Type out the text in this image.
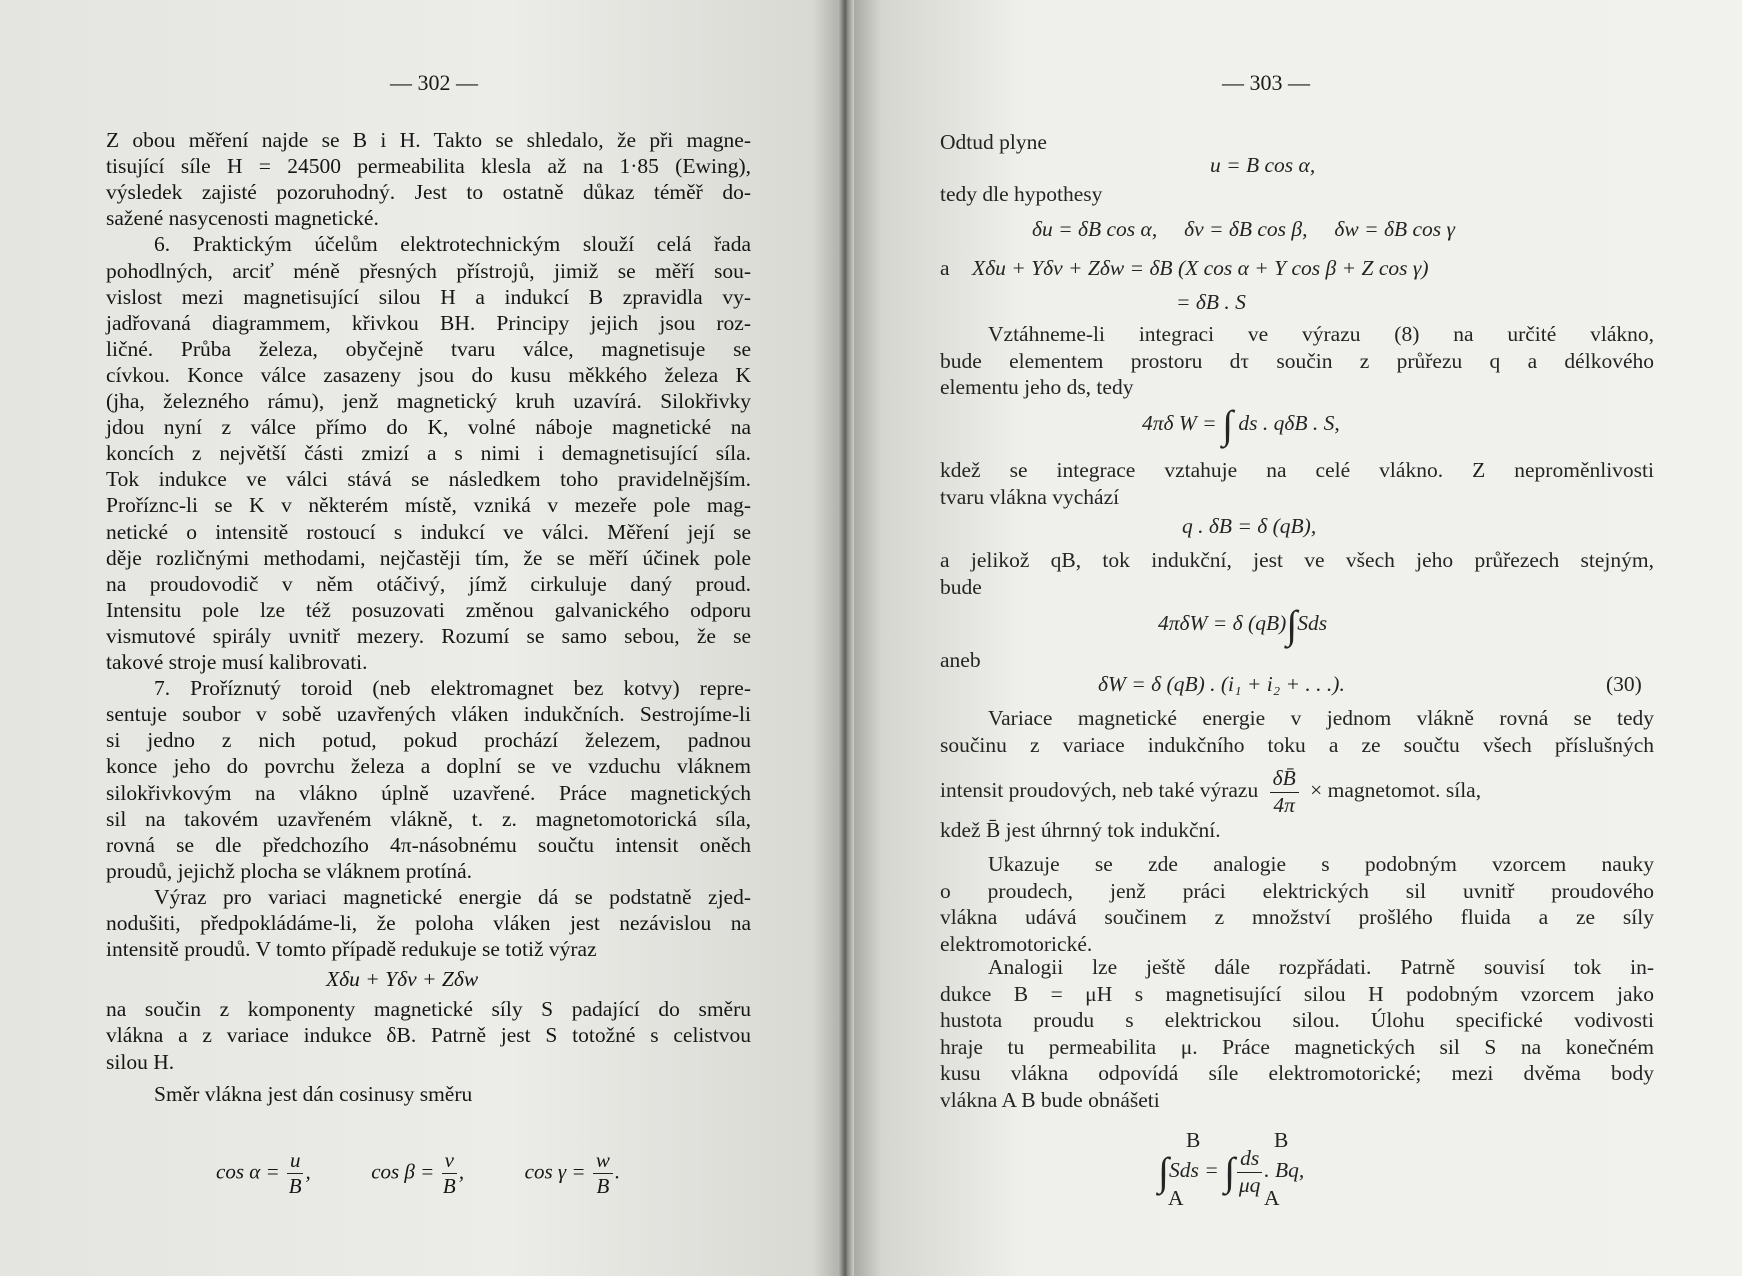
— 302 —
Z obou měření najde se B i H. Takto se shledalo, že při magne-
tisující síle H = 24500 permeabilita klesla až na 1·85 (Ewing),
výsledek zajisté pozoruhodný. Jest to ostatně důkaz téměř do-
sažené nasycenosti magnetické.
6. Praktickým účelům elektrotechnickým slouží celá řada
pohodlných, arciť méně přesných přístrojů, jimiž se měří sou-
vislost mezi magnetisující silou H a indukcí B zpravidla vy-
jadřovaná diagrammem, křivkou BH. Principy jejich jsou roz-
ličné. Průba železa, obyčejně tvaru válce, magnetisuje se
cívkou. Konce válce zasazeny jsou do kusu měkkého železa K
(jha, železného rámu), jenž magnetický kruh uzavírá. Silokřivky
jdou nyní z válce přímo do K, volné náboje magnetické na
koncích z největší části zmizí a s nimi i demagnetisující síla.
Tok indukce ve válci stává se následkem toho pravidelnějším.
Proříznc-li se K v některém místě, vzniká v mezeře pole mag-
netické o intensitě rostoucí s indukcí ve válci. Měření její se
děje rozličnými methodami, nejčastěji tím, že se měří účinek pole
na proudovodič v něm otáčivý, jímž cirkuluje daný proud.
Intensitu pole lze též posuzovati změnou galvanického odporu
vismutové spirály uvnitř mezery. Rozumí se samo sebou, že se
takové stroje musí kalibrovati.
7. Proříznutý toroid (neb elektromagnet bez kotvy) repre-
sentuje soubor v sobě uzavřených vláken indukčních. Sestrojíme-li
si jedno z nich potud, pokud prochází železem, padnou
konce jeho do povrchu železa a doplní se ve vzduchu vláknem
silokřivkovým na vlákno úplně uzavřené. Práce magnetických
sil na takovém uzavřeném vlákně, t. z. magnetomotorická síla,
rovná se dle předchozího 4π-násobnému součtu intensit oněch
proudů, jejichž plocha se vláknem protíná.
Výraz pro variaci magnetické energie dá se podstatně zjed-
nodušiti, předpokládáme-li, že poloha vláken jest nezávislou na
intensitě proudů. V tomto případě redukuje se totiž výraz
Xδu + Yδv + Zδw
na součin z komponenty magnetické síly S padající do směru
vlákna a z variace indukce δB. Patrně jest S totožné s celistvou
silou H.
Směr vlákna jest dán cosinusy směru
$\cos \alpha = \frac{u}{B}$ ,	$\cos \beta = \frac{v}{B}$ ,	$\cos \gamma = \frac{w}{B}$ .
— 303 —
Odtud plyne
u = B cos α,
tedy dle hypothesy
δu = δB cos α,     δv = δB cos β,     δw = δB cos γ
a Xδu + Yδv + Zδw = δB (X cos α + Y cos β + Z cos γ)
= δB . S
Vztáhneme-li integraci ve výrazu (8) na určité vlákno,
bude elementem prostoru dτ součin z průřezu q a délkového
elementu jeho ds, tedy
4πδ W = ∫ ds . qδB . S,
kdež se integrace vztahuje na celé vlákno. Z neproměnlivosti
tvaru vlákna vychází
q . δB = δ (qB),
a jelikož qB, tok indukční, jest ve všech jeho průřezech stejným,
bude
4πδW = δ (qB)∫Sds
aneb
δW = δ (qB) . (i₁ + i₂ + . . .).	(30)
Variace magnetické energie v jednom vlákně rovná se tedy
součinu z variace indukčního toku a ze součtu všech příslušných
intensit proudových, neb také výrazu $\frac{\delta B̄}{4\pi}$ × magnetomot. síla,
kdež B̄ jest úhrnný tok indukční.
Ukazuje se zde analogie s podobným vzorcem nauky
o proudech, jenž práci elektrických sil uvnitř proudového
vlákna udává součinem z množství prošlého fluida a ze síly
elektromotorické.
Analogii lze ještě dále rozpřádati. Patrně souvisí tok in-
dukce B = μH s magnetisující silou H podobným vzorcem jako
hustota proudu s elektrickou silou. Úlohu specifické vodivosti
hraje tu permeabilita μ. Práce magnetických sil S na konečném
kusu vlákna odpovídá síle elektromotorické; mezi dvěma body
vlákna A B bude obnášeti
∫Sds = ∫ $\frac{ds}{\mu q}$ . Bq,
B
A
B
A
